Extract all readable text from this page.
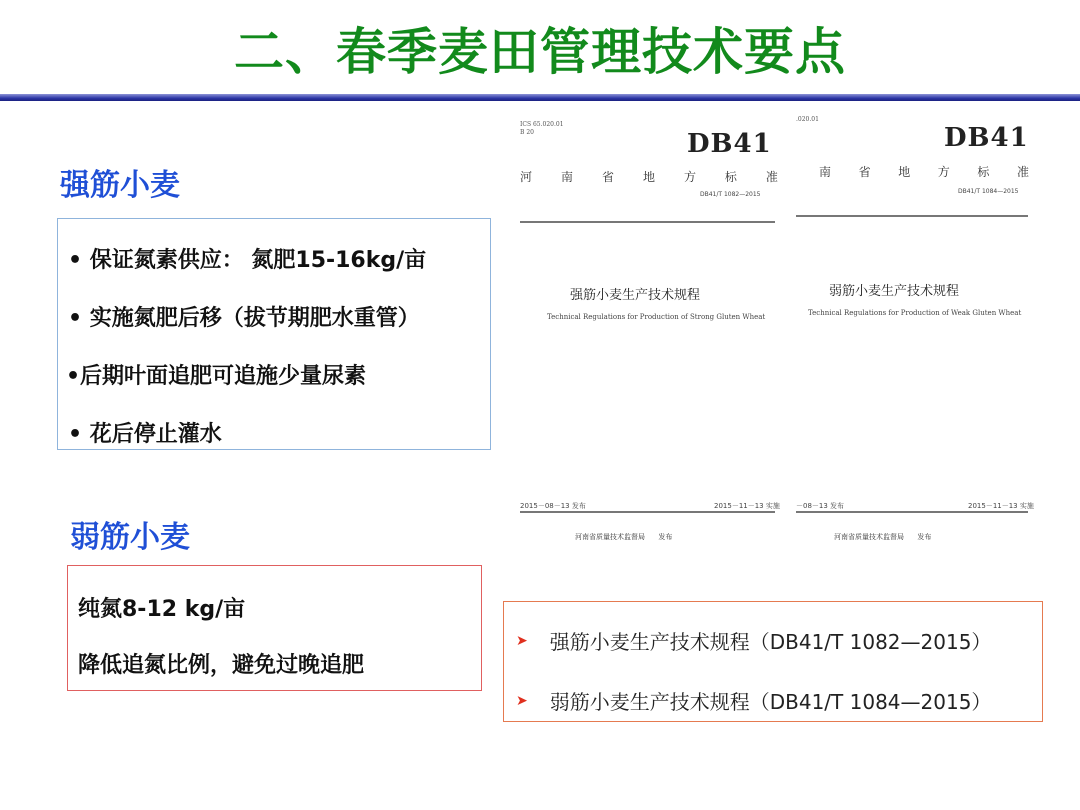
二、春季麦田管理技术要点
强筋小麦
• 保证氮素供应： 氮肥15-16kg/亩
• 实施氮肥后移（拔节期肥水重管）
•后期叶面追肥可追施少量尿素
• 花后停止灌水
弱筋小麦
纯氮8-12 kg/亩
降低追氮比例，避免过晚追肥
ICS 65.020.01
B 20	DB41
河 南 省 地 方 标 准
DB41/T 1082—2015
强筋小麦生产技术规程
Technical Regulations for Production of Strong Gluten Wheat
2015－08－13 发布	2015－11－13 实施
河南省质量技术监督局 发布
.020.01
DB41
南 省 地 方 标 准
DB41/T 1084—2015
弱筋小麦生产技术规程
Technical Regulations for Production of Weak Gluten Wheat
－08－13 发布	2015－11－13 实施
河南省质量技术监督局 发布
➤ 强筋小麦生产技术规程（DB41/T 1082—2015）
➤ 弱筋小麦生产技术规程（DB41/T 1084—2015）
